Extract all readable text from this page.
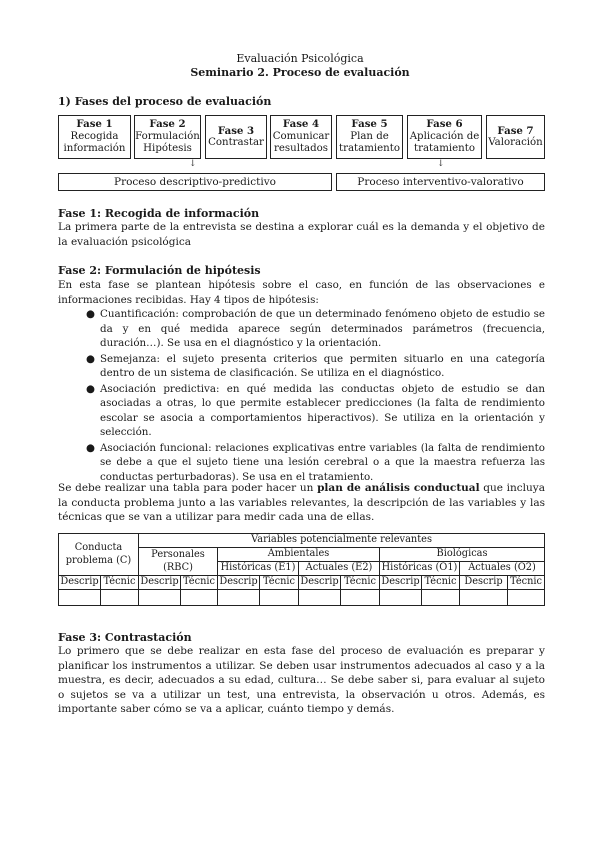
Evaluación Psicológica
Seminario 2. Proceso de evaluación
1) Fases del proceso de evaluación
Fase 1
Recogida información
Fase 2
Formulación Hipótesis
Fase 3
Contrastar
Fase 4
Comunicar resultados
Fase 5
Plan de tratamiento
Fase 6
Aplicación de tratamiento
Fase 7
Valoración
↓	↓
Proceso descriptivo-predictivo	Proceso interventivo-valorativo
Fase 1: Recogida de información
La primera parte de la entrevista se destina a explorar cuál es la demanda y el objetivo de la evaluación psicológica
Fase 2: Formulación de hipótesis
En esta fase se plantean hipótesis sobre el caso, en función de las observaciones e informaciones recibidas. Hay 4 tipos de hipótesis:
● Cuantificación: comprobación de que un determinado fenómeno objeto de estudio se da y en qué medida aparece según determinados parámetros (frecuencia, duración…). Se usa en el diagnóstico y la orientación.
● Semejanza: el sujeto presenta criterios que permiten situarlo en una categoría dentro de un sistema de clasificación. Se utiliza en el diagnóstico.
● Asociación predictiva: en qué medida las conductas objeto de estudio se dan asociadas a otras, lo que permite establecer predicciones (la falta de rendimiento escolar se asocia a comportamientos hiperactivos). Se utiliza en la orientación y selección.
● Asociación funcional: relaciones explicativas entre variables (la falta de rendimiento se debe a que el sujeto tiene una lesión cerebral o a que la maestra refuerza las conductas perturbadoras). Se usa en el tratamiento.
Se debe realizar una tabla para poder hacer un plan de análisis conductual que incluya la conducta problema junto a las variables relevantes, la descripción de las variables y las técnicas que se van a utilizar para medir cada una de ellas.
Conducta problema (C)		Variables potencialmente relevantes									
		Personales (RBC)		Ambientales				Biológicas			
				Históricas (E1)		Actuales (E2)		Históricas (O1)		Actuales (O2)	
Descrip	Técnic	Descrip	Técnic	Descrip	Técnic	Descrip	Técnic	Descrip	Técnic	Descrip	Técnic

Fase 3: Contrastación
Lo primero que se debe realizar en esta fase del proceso de evaluación es preparar y planificar los instrumentos a utilizar. Se deben usar instrumentos adecuados al caso y a la muestra, es decir, adecuados a su edad, cultura… Se debe saber si, para evaluar al sujeto o sujetos se va a utilizar un test, una entrevista, la observación u otros. Además, es importante saber cómo se va a aplicar, cuánto tiempo y demás.
